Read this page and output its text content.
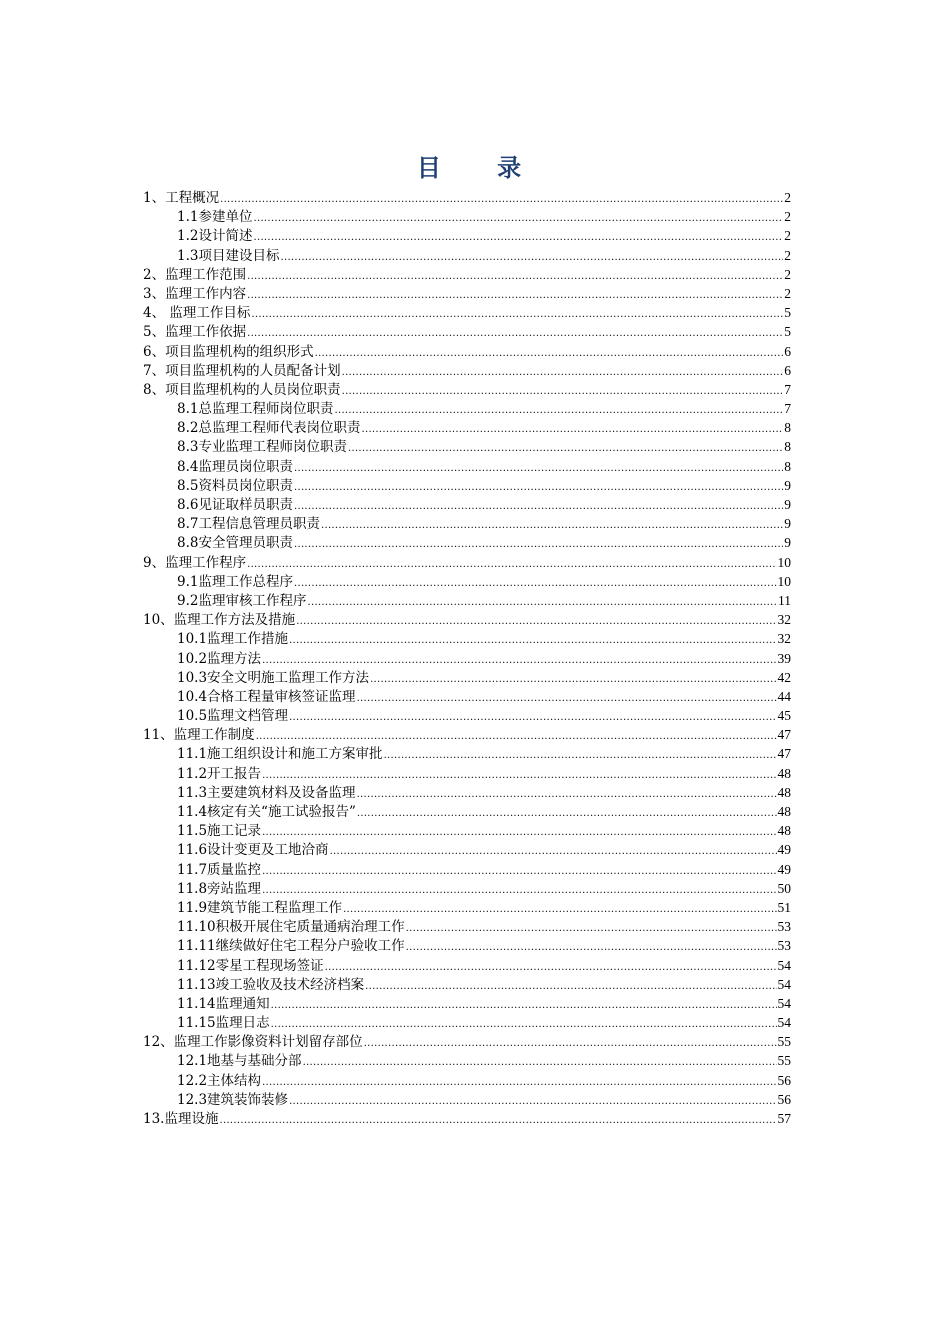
目 录
1、工程概况 .....	2
1.1参建单位 .....	2
1.2设计简述 .....	2
1.3项目建设目标 .....	2
2、监理工作范围 .....	2
3、监理工作内容 .....	2
4、 监理工作目标 .....	5
5、监理工作依据 .....	5
6、项目监理机构的组织形式 .....	6
7、项目监理机构的人员配备计划 .....	6
8、项目监理机构的人员岗位职责 .....	7
8.1总监理工程师岗位职责 .....	7
8.2总监理工程师代表岗位职责 .....	8
8.3专业监理工程师岗位职责 .....	8
8.4监理员岗位职责 .....	8
8.5资料员岗位职责 .....	9
8.6见证取样员职责 .....	9
8.7工程信息管理员职责 .....	9
8.8安全管理员职责 .....	9
9、监理工作程序 .....	10
9.1监理工作总程序 .....	10
9.2监理审核工作程序 .....	11
10、监理工作方法及措施 .....	32
10.1监理工作措施 .....	32
10.2监理方法 .....	39
10.3安全文明施工监理工作方法 .....	42
10.4合格工程量审核签证监理 .....	44
10.5监理文档管理 .....	45
11、监理工作制度 .....	47
11.1施工组织设计和施工方案审批 .....	47
11.2开工报告 .....	48
11.3主要建筑材料及设备监理 .....	48
11.4核定有关“施工试验报告” .....	48
11.5施工记录 .....	48
11.6设计变更及工地洽商 .....	49
11.7质量监控 .....	49
11.8旁站监理 .....	50
11.9建筑节能工程监理工作 .....	51
11.10积极开展住宅质量通病治理工作 .....	53
11.11继续做好住宅工程分户验收工作 .....	53
11.12零星工程现场签证 .....	54
11.13竣工验收及技术经济档案 .....	54
11.14监理通知 .....	54
11.15监理日志 .....	54
12、监理工作影像资料计划留存部位 .....	55
12.1地基与基础分部 .....	55
12.2主体结构 .....	56
12.3建筑装饰装修 .....	56
13.监理设施 .....	57
